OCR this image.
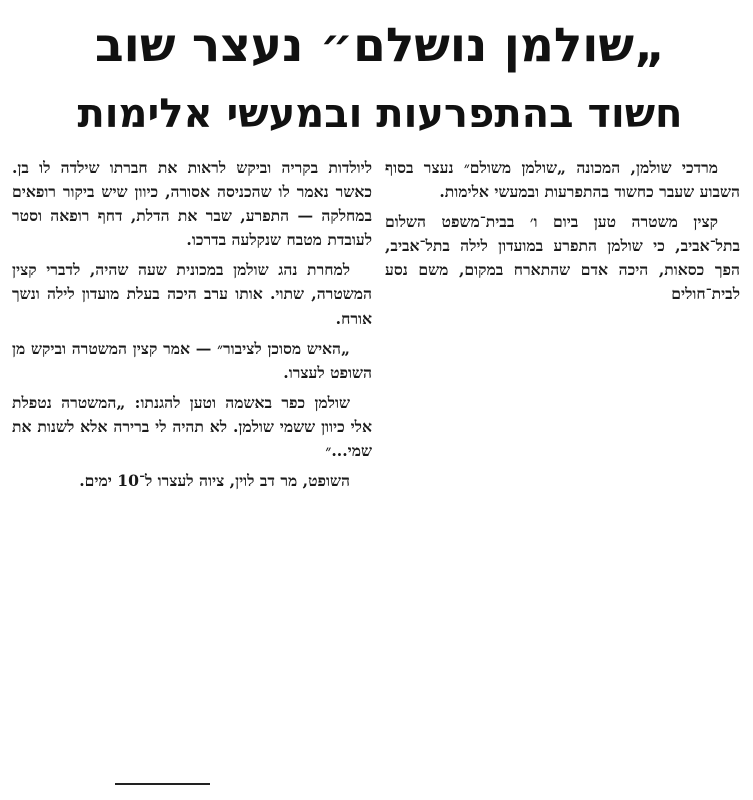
„שולמן נושלם״ נעצר שוב
חשוד בהתפרעות ובמעשי אלימות

מרדכי שולמן, המכונה „שולמן משולם״ נעצר בסוף השבוע שעבר כחשוד בהתפרעות ובמעשי אלימות.

קצין משטרה טען ביום ו׳ בבית־משפט השלום בתל־אביב, כי שולמן התפרע במועדון לילה בתל־אביב, הפך כסאות, היכה אדם שהתארח במקום, משם נסע לבית־חולים

ליולדות בקריה וביקש לראות את חברתו שילדה לו בן. כאשר נאמר לו שהכניסה אסורה, כיוון שיש ביקור רופאים במחלקה — התפרע, שבר את הדלת, דחף רופאה וסטר לעובדת מטבח שנקלעה בדרכו.

למחרת נהג שולמן במכונית שעה שהיה, לדברי קצין המשטרה, שתוי. אותו ערב היכה בעלת מועדון לילה ונשך אורח.

„האיש מסוכן לציבור״ — אמר קצין המשטרה וביקש מן השופט לעצרו.

שולמן כפר באשמה וטען להגנתו: „המשטרה נטפלת אלי כיוון ששמי שולמן. לא תהיה לי ברירה אלא לשנות את שמי...״

השופט, מר דב לוין, ציוה לעצרו ל־10 ימים.
